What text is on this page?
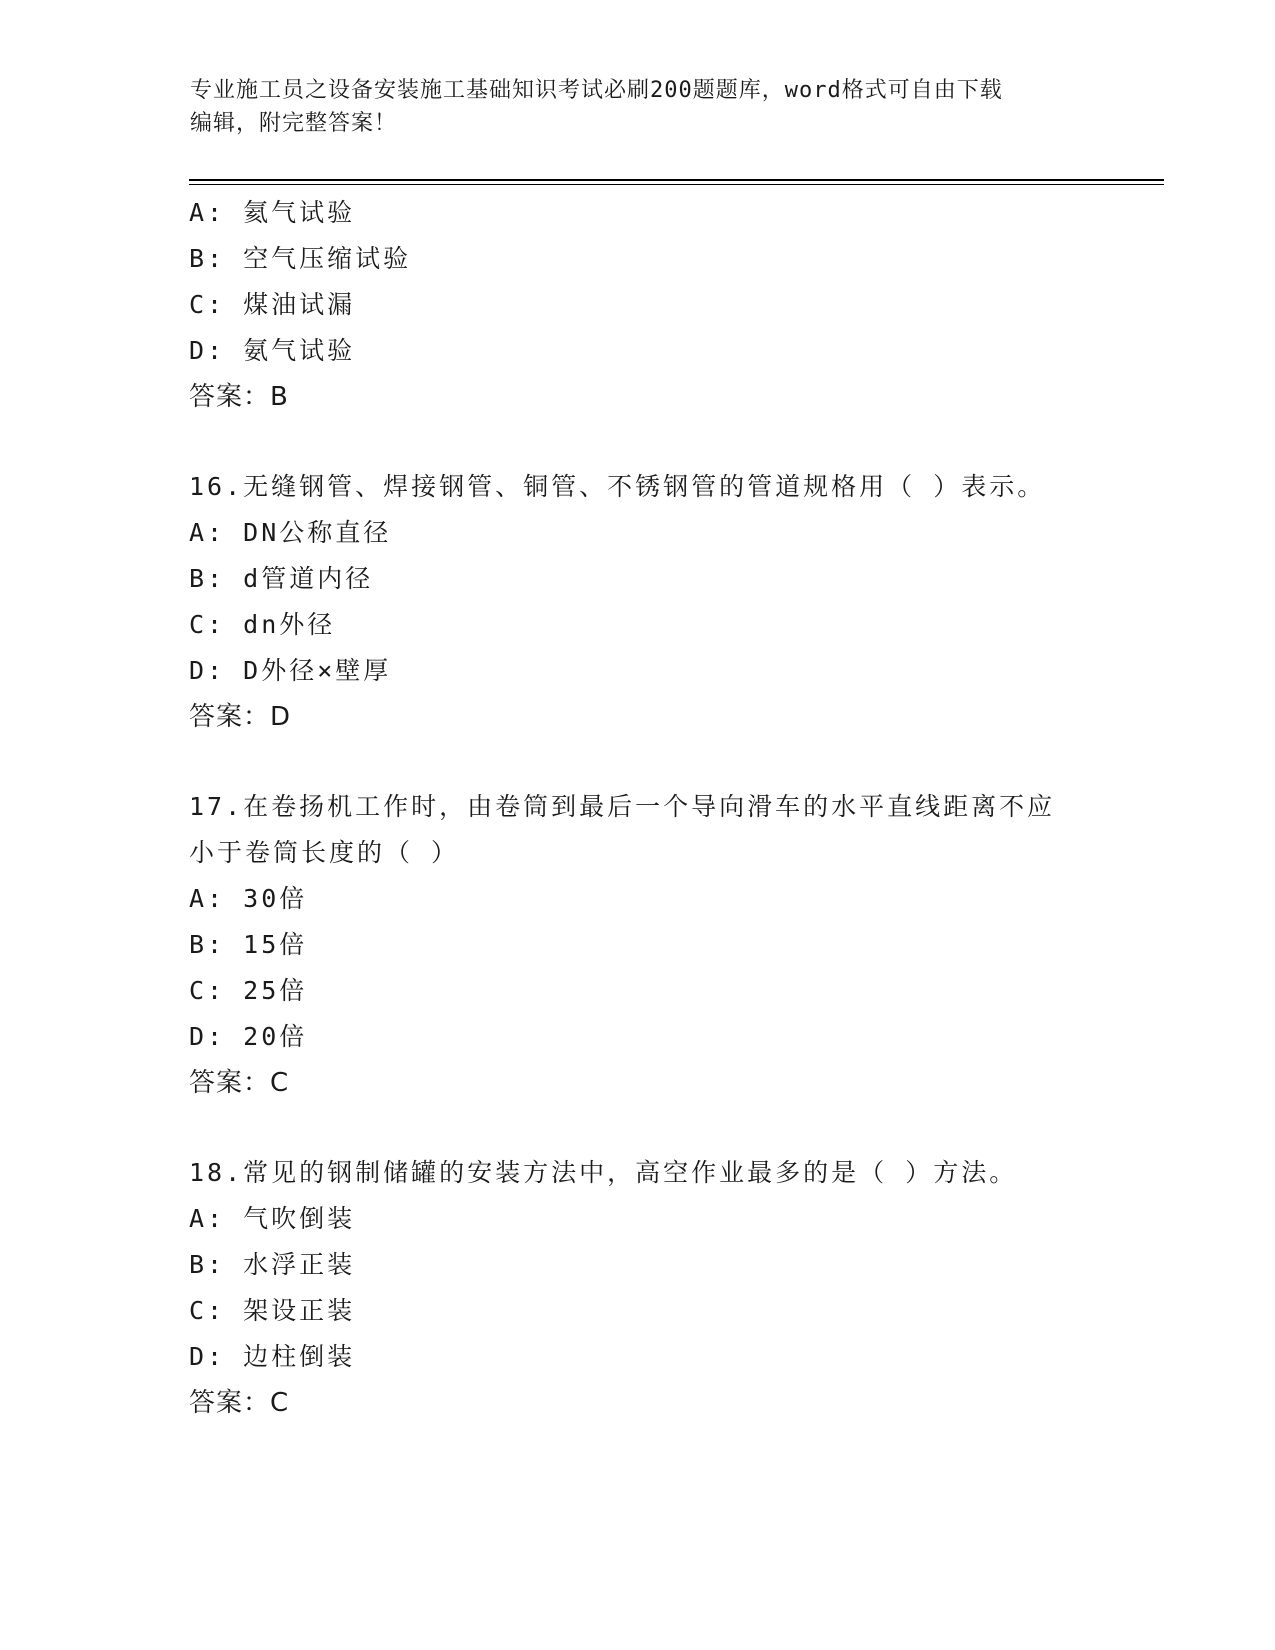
专业施工员之设备安装施工基础知识考试必刷200题题库，word格式可自由下载
编辑，附完整答案！
A: 氦气试验
B: 空气压缩试验
C: 煤油试漏
D: 氨气试验
答案：B
16.无缝钢管、焊接钢管、铜管、不锈钢管的管道规格用（ ）表示。
A: DN公称直径
B: d管道内径
C: dn外径
D: D外径×壁厚
答案：D
17.在卷扬机工作时，由卷筒到最后一个导向滑车的水平直线距离不应
小于卷筒长度的（ ）
A: 30倍
B: 15倍
C: 25倍
D: 20倍
答案：C
18.常见的钢制储罐的安装方法中，高空作业最多的是（ ）方法。
A: 气吹倒装
B: 水浮正装
C: 架设正装
D: 边柱倒装
答案：C
